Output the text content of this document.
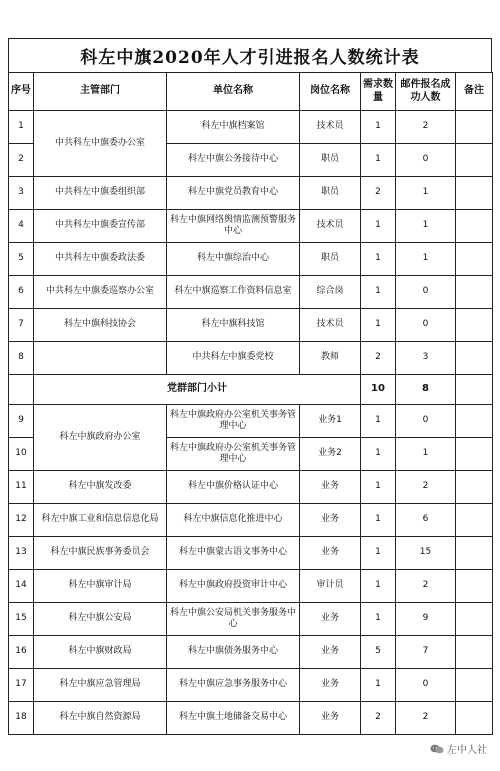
科左中旗2020年人才引进报名人数统计表
序号	主管部门	单位名称	岗位名称	需求数量	邮件报名成功人数	备注
1	中共科左中旗委办公室	科左中旗档案馆	技术员	1	2	
2		科左中旗公务接待中心	职员	1	0	
3	中共科左中旗委组织部	科左中旗党员教育中心	职员	2	1	
4	中共科左中旗委宣传部	科左中旗网络舆情监测预警服务中心	技术员	1	1	
5	中共科左中旗委政法委	科左中旗综治中心	职员	1	1	
6	中共科左中旗委巡察办公室	科左中旗巡察工作资料信息室	综合岗	1	0	
7	科左中旗科技协会	科左中旗科技馆	技术员	1	0	
8		中共科左中旗委党校	教师	2	3	
	党群部门小计			10	8	
9	科左中旗政府办公室	科左中旗政府办公室机关事务管理中心	业务1	1	0	
10		科左中旗政府办公室机关事务管理中心	业务2	1	1	
11	科左中旗发改委	科左中旗价格认证中心	业务	1	2	
12	科左中旗工业和信息信息化局	科左中旗信息化推进中心	业务	1	6	
13	科左中旗民族事务委员会	科左中旗蒙古语文事务中心	业务	1	15	
14	科左中旗审计局	科左中旗政府投资审计中心	审计员	1	2	
15	科左中旗公安局	科左中旗公安局机关事务服务中心	业务	1	9	
16	科左中旗财政局	科左中旗债务服务中心	业务	5	7	
17	科左中旗应急管理局	科左中旗应急事务服务中心	业务	1	0	
18	科左中旗自然资源局	科左中旗土地储备交易中心	业务	2	2	
左中人社
